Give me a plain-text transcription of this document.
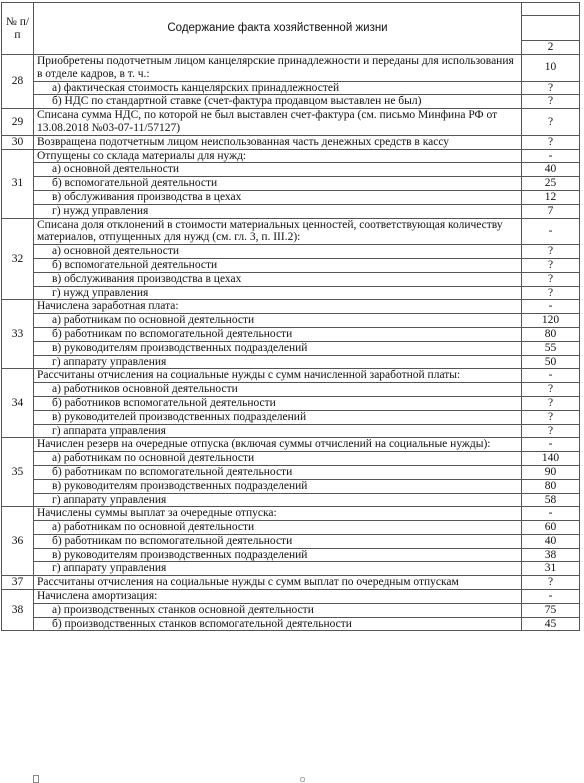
№ п/п	Содержание факта хозяйственной жизни	

		2
28	Приобретены подотчетным лицом канцелярские принадлежности и переданы для использования в отделе кадров, в т. ч.:	10
	а) фактическая стоимость канцелярских принадлежностей	?
	б) НДС по стандартной ставке (счет-фактура продавцом выставлен не был)	?
29	Списана сумма НДС, по которой не был выставлен счет-фактура (см. письмо Минфина РФ от 13.08.2018 №03-07-11/57127)	?
30	Возвращена подотчетным лицом неиспользованная часть денежных средств в кассу	?
31	Отпущены со склада материалы для нужд:	-
	а) основной деятельности	40
	б) вспомогательной деятельности	25
	в) обслуживания производства в цехах	12
	г) нужд управления	7
32	Списана доля отклонений в стоимости материальных ценностей, соответствующая количеству материалов, отпущенных для нужд (см. гл. 3, п. III.2):	-
	а) основной деятельности	?
	б) вспомогательной деятельности	?
	в) обслуживания производства в цехах	?
	г) нужд управления	?
33	Начислена заработная плата:	-
	а) работникам по основной деятельности	120
	б) работникам по вспомогательной деятельности	80
	в) руководителям производственных подразделений	55
	г) аппарату управления	50
34	Рассчитаны отчисления на социальные нужды с сумм начисленной заработной платы:	-
	а) работников основной деятельности	?
	б) работников вспомогательной деятельности	?
	в) руководителей производственных подразделений	?
	г) аппарата управления	?
35	Начислен резерв на очередные отпуска (включая суммы отчислений на социальные нужды):	-
	а) работникам по основной деятельности	140
	б) работникам по вспомогательной деятельности	90
	в) руководителям производственных подразделений	80
	г) аппарату управления	58
36	Начислены суммы выплат за очередные отпуска:	-
	а) работникам по основной деятельности	60
	б) работникам по вспомогательной деятельности	40
	в) руководителям производственных подразделений	38
	г) аппарату управления	31
37	Рассчитаны отчисления на социальные нужды с сумм выплат по очередным отпускам	?
38	Начислена амортизация:	-
	а) производственных станков основной деятельности	75
	б) производственных станков вспомогательной деятельности	45
